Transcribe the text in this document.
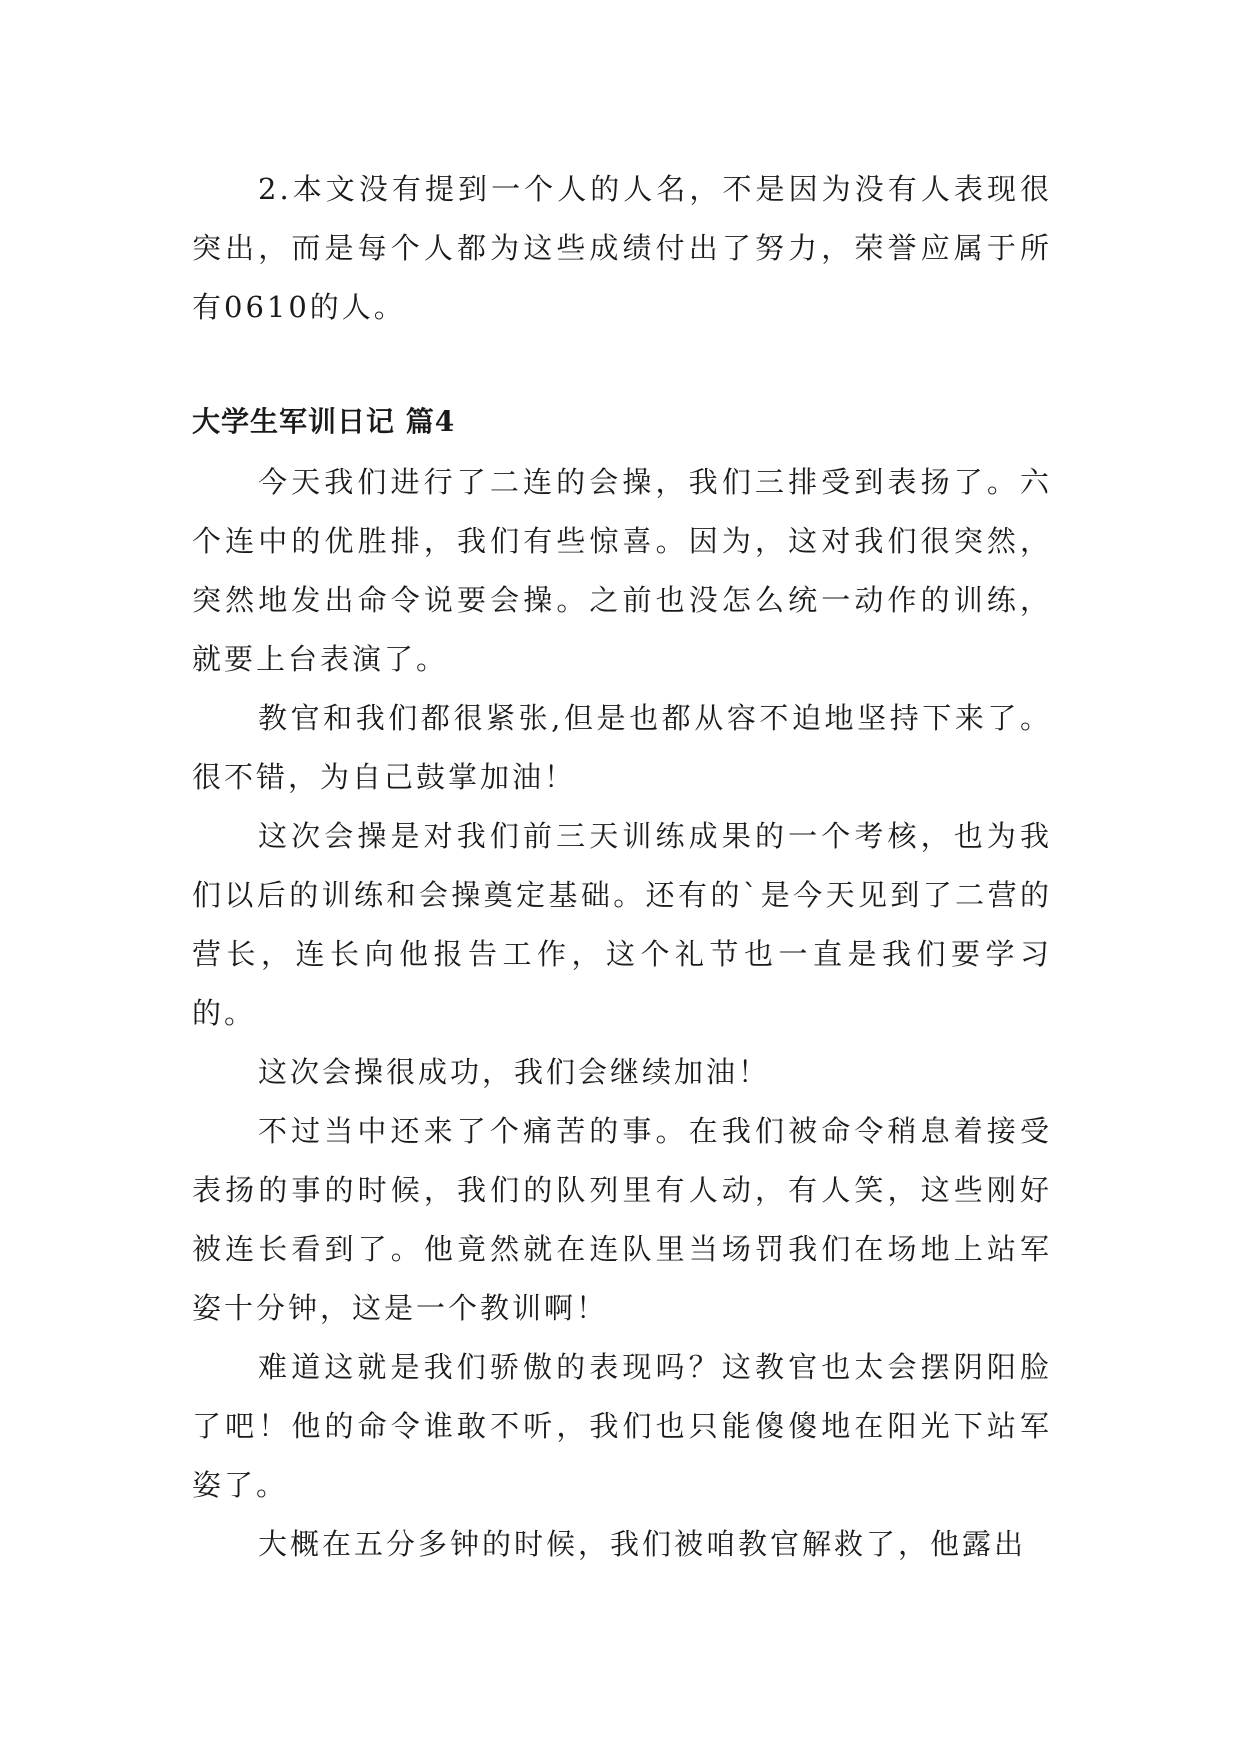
2.本文没有提到一个人的人名，不是因为没有人表现很突出，而是每个人都为这些成绩付出了努力，荣誉应属于所有0610的人。

大学生军训日记 篇4

今天我们进行了二连的会操，我们三排受到表扬了。六个连中的优胜排，我们有些惊喜。因为，这对我们很突然，突然地发出命令说要会操。之前也没怎么统一动作的训练，就要上台表演了。

教官和我们都很紧张,但是也都从容不迫地坚持下来了。很不错，为自己鼓掌加油！

这次会操是对我们前三天训练成果的一个考核，也为我们以后的训练和会操奠定基础。还有的`是今天见到了二营的营长，连长向他报告工作，这个礼节也一直是我们要学习的。

这次会操很成功，我们会继续加油！

不过当中还来了个痛苦的事。在我们被命令稍息着接受表扬的事的时候，我们的队列里有人动，有人笑，这些刚好被连长看到了。他竟然就在连队里当场罚我们在场地上站军姿十分钟，这是一个教训啊！

难道这就是我们骄傲的表现吗？这教官也太会摆阴阳脸了吧！他的命令谁敢不听，我们也只能傻傻地在阳光下站军姿了。

大概在五分多钟的时候，我们被咱教官解救了，他露出
